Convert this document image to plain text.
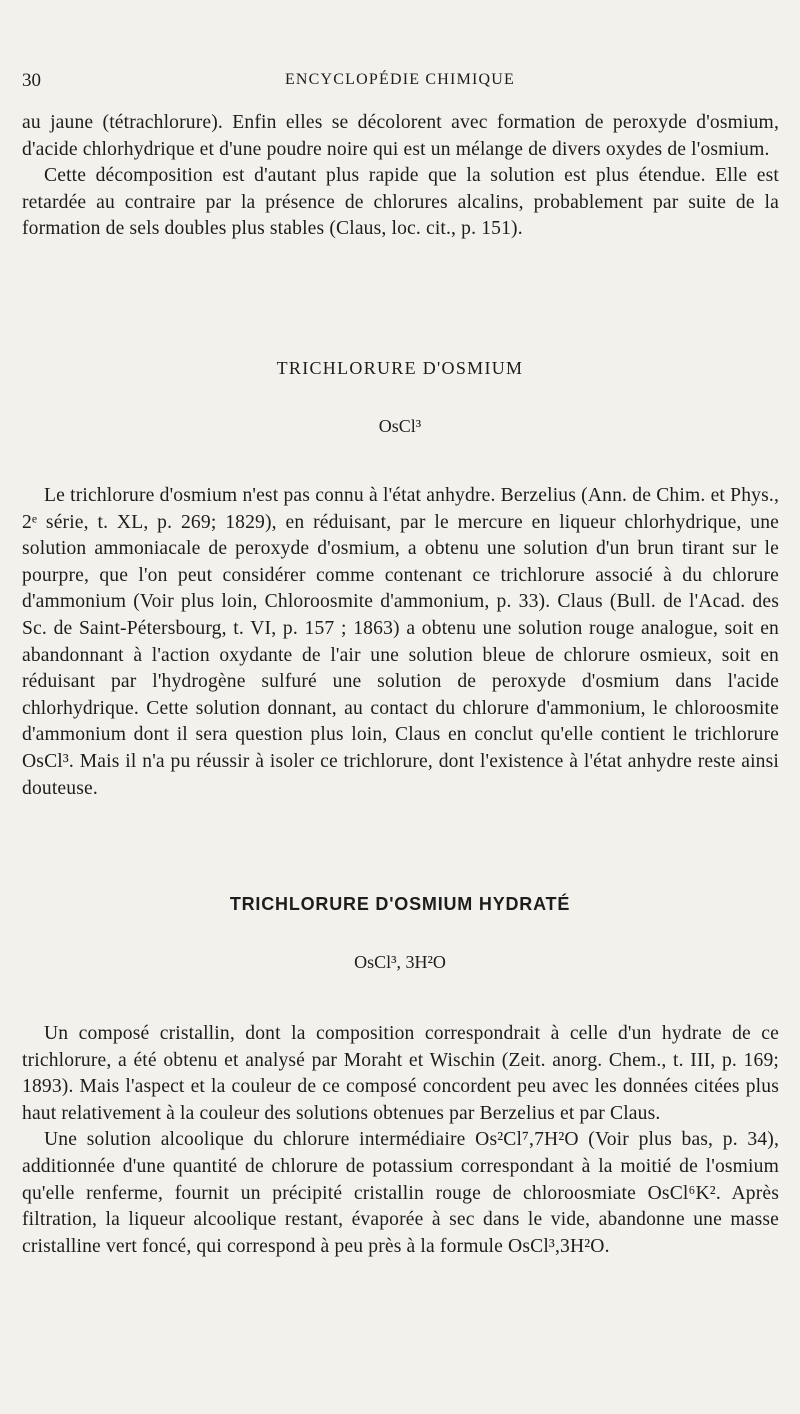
30	ENCYCLOPÉDIE CHIMIQUE

au jaune (tétrachlorure). Enfin elles se décolorent avec formation de peroxyde d'osmium, d'acide chlorhydrique et d'une poudre noire qui est un mélange de divers oxydes de l'osmium.

Cette décomposition est d'autant plus rapide que la solution est plus étendue. Elle est retardée au contraire par la présence de chlorures alcalins, probablement par suite de la formation de sels doubles plus stables (Claus, loc. cit., p. 151).

TRICHLORURE D'OSMIUM
OsCl³

Le trichlorure d'osmium n'est pas connu à l'état anhydre. Berzelius (Ann. de Chim. et Phys., 2ᵉ série, t. XL, p. 269; 1829), en réduisant, par le mercure en liqueur chlorhydrique, une solution ammoniacale de peroxyde d'osmium, a obtenu une solution d'un brun tirant sur le pourpre, que l'on peut considérer comme contenant ce trichlorure associé à du chlorure d'ammonium (Voir plus loin, Chloroosmite d'ammonium, p. 33). Claus (Bull. de l'Acad. des Sc. de Saint-Pétersbourg, t. VI, p. 157 ; 1863) a obtenu une solution rouge analogue, soit en abandonnant à l'action oxydante de l'air une solution bleue de chlorure osmieux, soit en réduisant par l'hydrogène sulfuré une solution de peroxyde d'osmium dans l'acide chlorhydrique. Cette solution donnant, au contact du chlorure d'ammonium, le chloroosmite d'ammonium dont il sera question plus loin, Claus en conclut qu'elle contient le trichlorure OsCl³. Mais il n'a pu réussir à isoler ce trichlorure, dont l'existence à l'état anhydre reste ainsi douteuse.

TRICHLORURE D'OSMIUM HYDRATÉ
OsCl³, 3H²O

Un composé cristallin, dont la composition correspondrait à celle d'un hydrate de ce trichlorure, a été obtenu et analysé par Moraht et Wischin (Zeit. anorg. Chem., t. III, p. 169; 1893). Mais l'aspect et la couleur de ce composé concordent peu avec les données citées plus haut relativement à la couleur des solutions obtenues par Berzelius et par Claus.

Une solution alcoolique du chlorure intermédiaire Os²Cl⁷,7H²O (Voir plus bas, p. 34), additionnée d'une quantité de chlorure de potassium correspondant à la moitié de l'osmium qu'elle renferme, fournit un précipité cristallin rouge de chloroosmiate OsCl⁶K². Après filtration, la liqueur alcoolique restant, évaporée à sec dans le vide, abandonne une masse cristalline vert foncé, qui correspond à peu près à la formule OsCl³,3H²O.
